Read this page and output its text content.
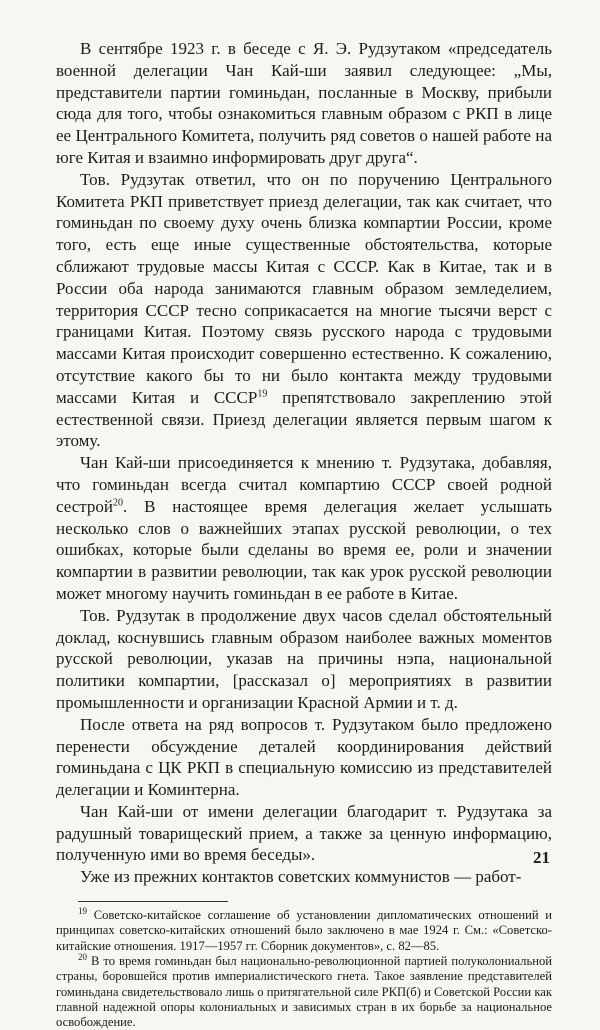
В сентябре 1923 г. в беседе с Я. Э. Рудзутаком «председатель военной делегации Чан Кай-ши заявил следующее: „Мы, представители партии гоминьдан, посланные в Москву, прибыли сюда для того, чтобы ознакомиться главным образом с РКП в лице ее Центрального Комитета, получить ряд советов о нашей работе на юге Китая и взаимно информировать друг друга“.

Тов. Рудзутак ответил, что он по поручению Центрального Комитета РКП приветствует приезд делегации, так как считает, что гоминьдан по своему духу очень близка компартии России, кроме того, есть еще иные существенные обстоятельства, которые сближают трудовые массы Китая с СССР. Как в Китае, так и в России оба народа занимаются главным образом земледелием, территория СССР тесно соприкасается на многие тысячи верст с границами Китая. Поэтому связь русского народа с трудовыми массами Китая происходит совершенно естественно. К сожалению, отсутствие какого бы то ни было контакта между трудовыми массами Китая и СССР$^{19}$ препятствовало закреплению этой естественной связи. Приезд делегации является первым шагом к этому.

Чан Кай-ши присоединяется к мнению т. Рудзутака, добавляя, что гоминьдан всегда считал компартию СССР своей родной сестрой$^{20}$. В настоящее время делегация желает услышать несколько слов о важнейших этапах русской революции, о тех ошибках, которые были сделаны во время ее, роли и значении компартии в развитии революции, так как урок русской революции может многому научить гоминьдан в ее работе в Китае.

Тов. Рудзутак в продолжение двух часов сделал обстоятельный доклад, коснувшись главным образом наиболее важных моментов русской революции, указав на причины нэпа, национальной политики компартии, [рассказал о] мероприятиях в развитии промышленности и организации Красной Армии и т. д.

После ответа на ряд вопросов т. Рудзутаком было предложено перенести обсуждение деталей координирования действий гоминьдана с ЦК РКП в специальную комиссию из представителей делегации и Коминтерна.

Чан Кай-ши от имени делегации благодарит т. Рудзутака за радушный товарищеский прием, а также за ценную информацию, полученную ими во время беседы».

Уже из прежних контактов советских коммунистов — работ-

$^{19}$ Советско-китайское соглашение об установлении дипломатических отношений и принципах советско-китайских отношений было заключено в мае 1924 г. См.: «Советско-китайские отношения. 1917—1957 гг. Сборник документов», с. 82—85.

$^{20}$ В то время гоминьдан был национально-революционной партией полуколониальной страны, боровшейся против империалистического гнета. Такое заявление представителей гоминьдана свидетельствовало лишь о притягательной силе РКП(б) и Советской России как главной надежной опоры колониальных и зависимых стран в их борьбе за национальное освобождение.

21
